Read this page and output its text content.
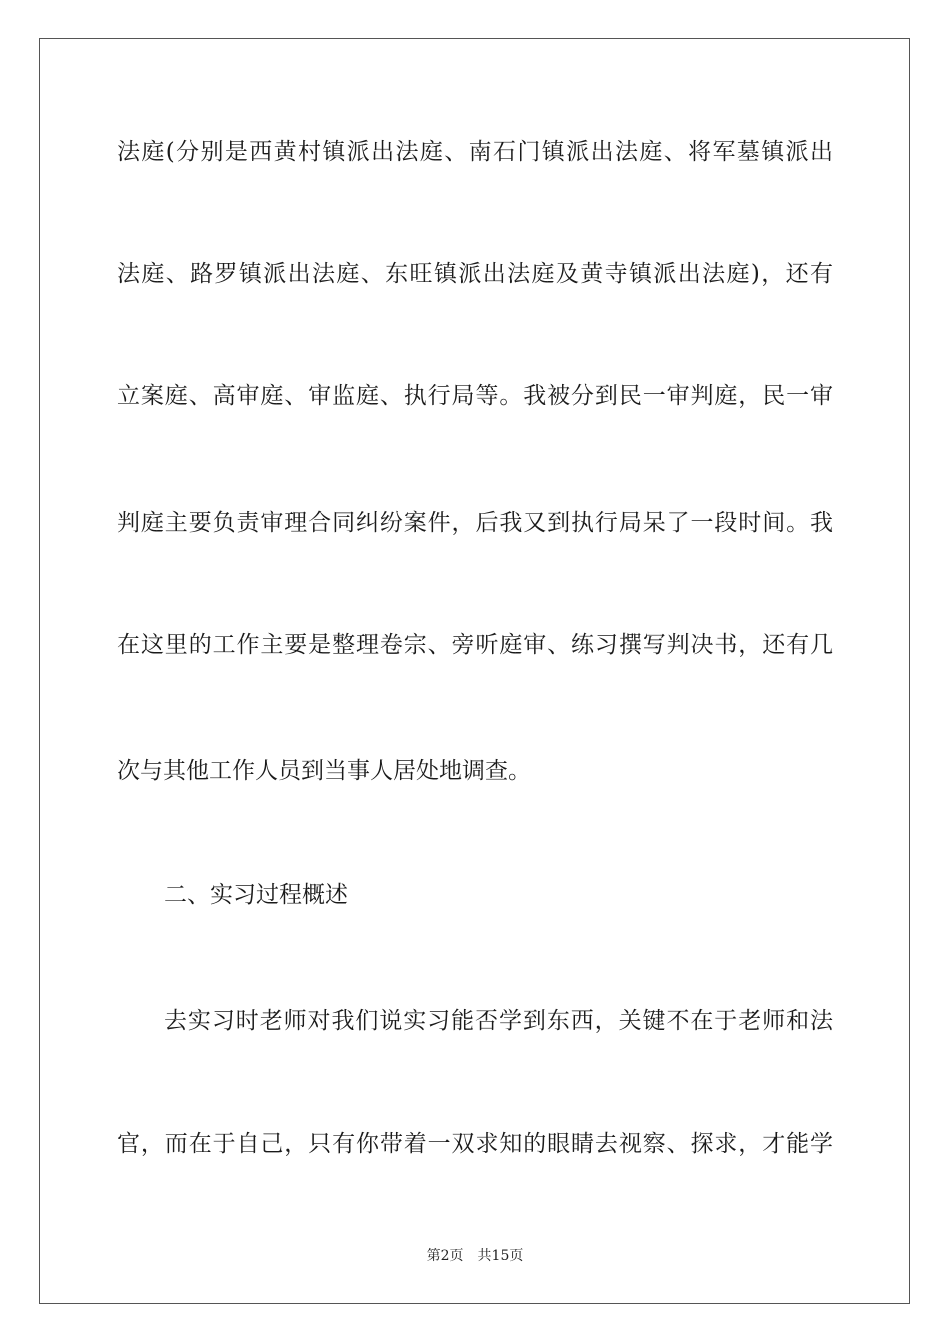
法庭(分别是西黄村镇派出法庭、南石门镇派出法庭、将军墓镇派出
法庭、路罗镇派出法庭、东旺镇派出法庭及黄寺镇派出法庭)，还有
立案庭、高审庭、审监庭、执行局等。我被分到民一审判庭，民一审
判庭主要负责审理合同纠纷案件，后我又到执行局呆了一段时间。我
在这里的工作主要是整理卷宗、旁听庭审、练习撰写判决书，还有几
次与其他工作人员到当事人居处地调查。
二、实习过程概述
去实习时老师对我们说实习能否学到东西，关键不在于老师和法
官，而在于自己，只有你带着一双求知的眼睛去视察、探求，才能学
第2页 共15页
